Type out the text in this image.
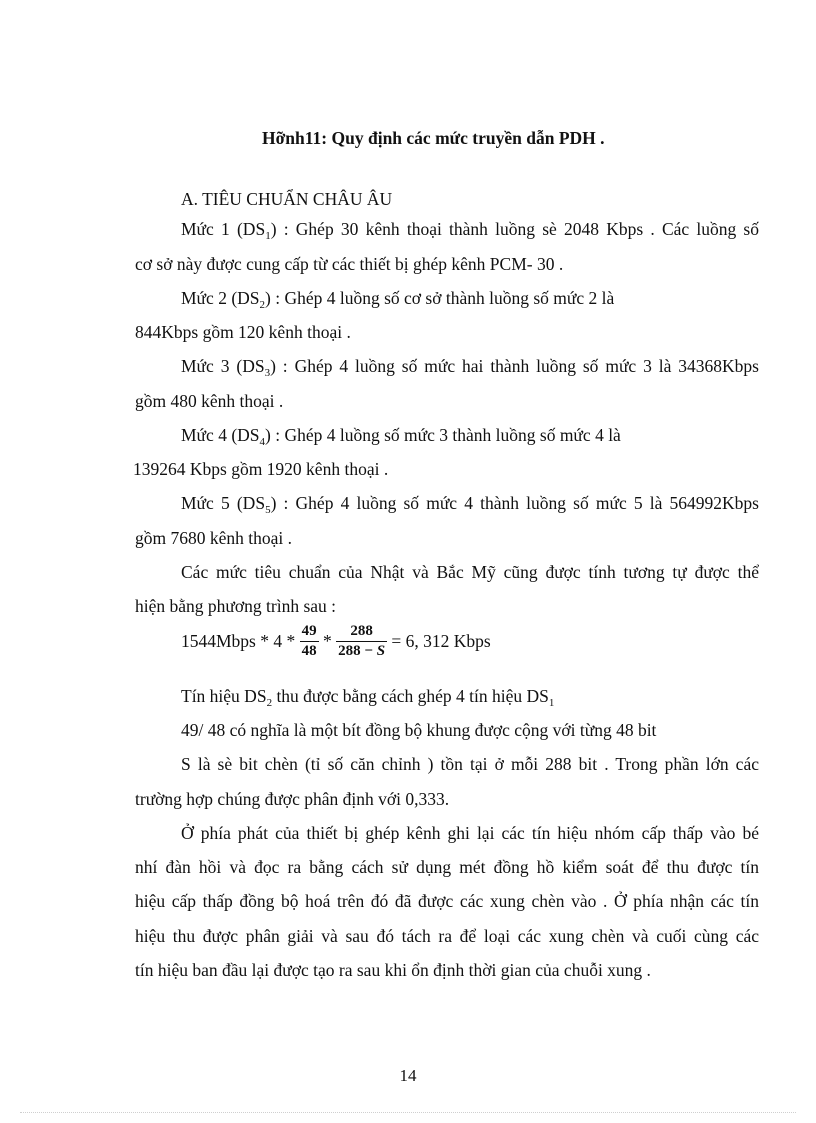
Hỡnh11: Quy định các mức truyền dẫn PDH .
A. TIÊU CHUẨN CHÂU ÂU
Mức 1 $(DS_1)$ : Ghép 30 kênh thoại thành luồng sè 2048 Kbps . Các luồng số
cơ sở này được cung cấp từ các thiết bị ghép kênh PCM- 30 .
Mức 2 $(DS_2)$ : Ghép 4 luồng số cơ sở thành luồng số mức 2 là
844Kbps gồm 120 kênh thoại .
Mức 3 $(DS_3)$ : Ghép 4 luồng số mức hai thành luồng số mức 3 là 34368Kbps
gồm 480 kênh thoại .
Mức 4 $(DS_4)$ : Ghép 4 luồng số mức 3 thành luồng số mức 4 là
139264 Kbps gồm 1920 kênh thoại .
Mức 5 $(DS_5)$ : Ghép 4 luồng số mức 4 thành luồng số mức 5 là 564992Kbps
gồm 7680 kênh thoại .
Các mức tiêu chuẩn của Nhật và Bắc Mỹ cũng được tính tương tự được thể
hiện bằng phương trình sau :
1544Mbps * $4 * \frac{49}{48} * \frac{288}{288 - S} = 6$, 312 Kbps
Tín hiệu $DS_2$ thu được bằng cách ghép 4 tín hiệu $DS_1$
49/ 48 có nghĩa là một bít đồng bộ khung được cộng với từng 48 bit
S là sè bit chèn (tỉ số căn chỉnh ) tồn tại ở mỗi 288 bit . Trong phần lớn các
trường hợp chúng được phân định với 0,333.
Ở phía phát của thiết bị ghép kênh ghi lại các tín hiệu nhóm cấp thấp vào bé
nhí đàn hồi và đọc ra bằng cách sử dụng mét đồng hồ kiểm soát để thu được tín
hiệu cấp thấp đồng bộ hoá trên đó đã được các xung chèn vào . Ở phía nhận các tín
hiệu thu được phân giải và sau đó tách ra để loại các xung chèn và cuối cùng các
tín hiệu ban đầu lại được tạo ra sau khi ổn định thời gian của chuỗi xung .
14
